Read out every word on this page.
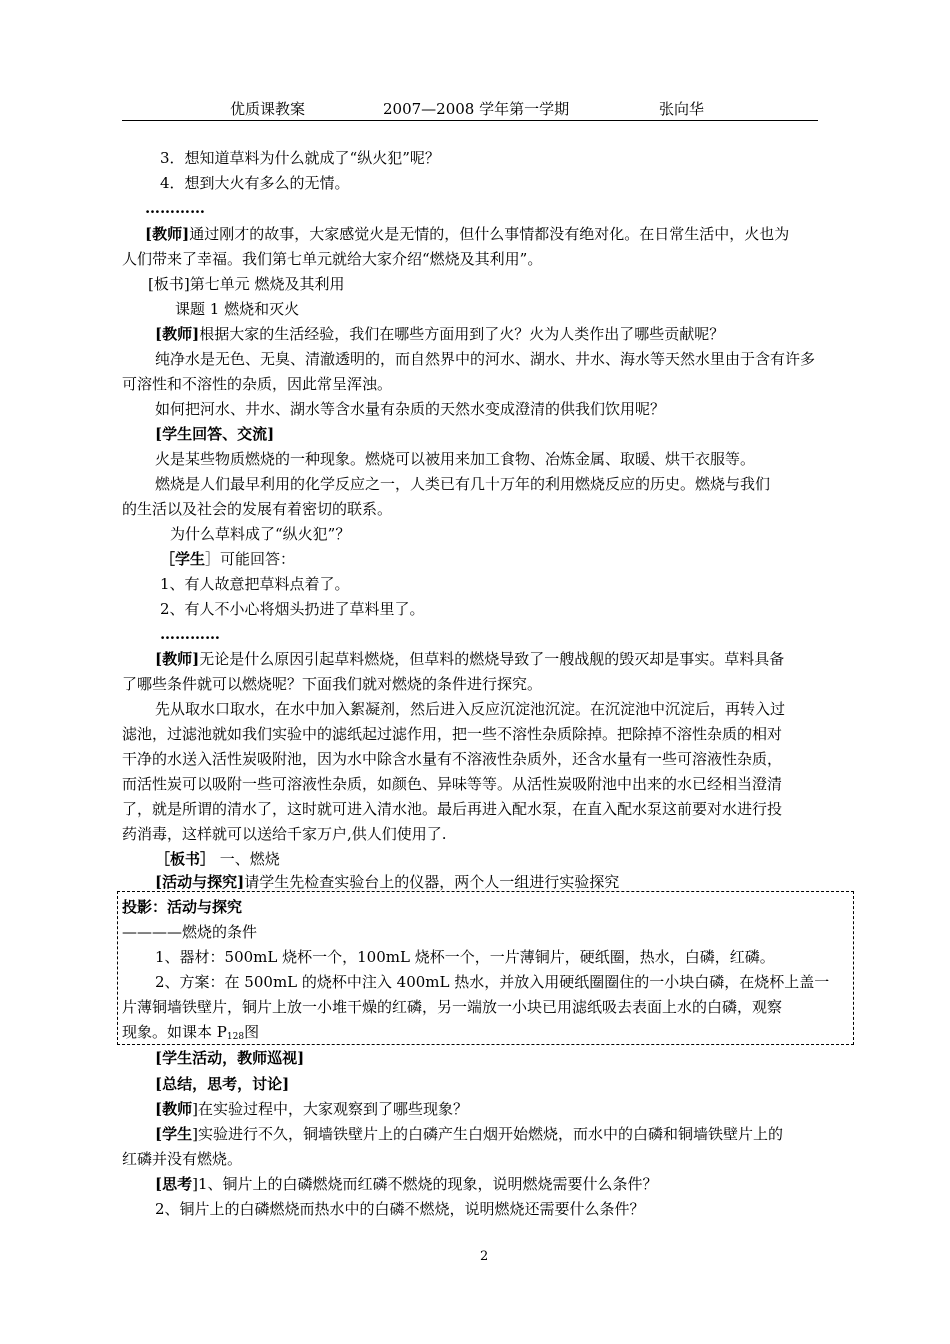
优质课教案	2007—2008 学年第一学期	张向华
3．想知道草料为什么就成了“纵火犯”呢？
4．想到大火有多么的无情。
…………
[教师]通过刚才的故事，大家感觉火是无情的，但什么事情都没有绝对化。在日常生活中，火也为
人们带来了幸福。我们第七单元就给大家介绍“燃烧及其利用”。
[板书]第七单元 燃烧及其利用
课题 1 燃烧和灭火
[教师]根据大家的生活经验，我们在哪些方面用到了火？火为人类作出了哪些贡献呢？
纯净水是无色、无臭、清澈透明的，而自然界中的河水、湖水、井水、海水等天然水里由于含有许多
可溶性和不溶性的杂质，因此常呈浑浊。
如何把河水、井水、湖水等含水量有杂质的天然水变成澄清的供我们饮用呢？
[学生回答、交流]
火是某些物质燃烧的一种现象。燃烧可以被用来加工食物、冶炼金属、取暖、烘干衣服等。
燃烧是人们最早利用的化学反应之一，人类已有几十万年的利用燃烧反应的历史。燃烧与我们
的生活以及社会的发展有着密切的联系。
为什么草料成了“纵火犯”？
［学生］可能回答：
1、有人故意把草料点着了。
2、有人不小心将烟头扔进了草料里了。
…………
[教师]无论是什么原因引起草料燃烧，但草料的燃烧导致了一艘战舰的毁灭却是事实。草料具备
了哪些条件就可以燃烧呢？下面我们就对燃烧的条件进行探究。
先从取水口取水，在水中加入絮凝剂，然后进入反应沉淀池沉淀。在沉淀池中沉淀后，再转入过
滤池，过滤池就如我们实验中的滤纸起过滤作用，把一些不溶性杂质除掉。把除掉不溶性杂质的相对
干净的水送入活性炭吸附池，因为水中除含水量有不溶液性杂质外，还含水量有一些可溶液性杂质，
而活性炭可以吸附一些可溶液性杂质，如颜色、异味等等。从活性炭吸附池中出来的水已经相当澄清
了，就是所谓的清水了，这时就可进入清水池。最后再进入配水泵，在直入配水泵这前要对水进行投
药消毒，这样就可以送给千家万户,供人们使用了.
［板书］ 一、燃烧
[活动与探究]请学生先检查实验台上的仪器，两个人一组进行实验探究
投影：活动与探究
————燃烧的条件
1、器材：500mL 烧杯一个，100mL 烧杯一个，一片薄铜片，硬纸圈，热水，白磷，红磷。
2、方案：在 500mL 的烧杯中注入 400mL 热水，并放入用硬纸圈圈住的一小块白磷，在烧杯上盖一
片薄铜墙铁壁片，铜片上放一小堆干燥的红磷，另一端放一小块已用滤纸吸去表面上水的白磷，观察
现象。如课本 $P_{128}$图
[学生活动，教师巡视]
[总结，思考，讨论]
[教师]在实验过程中，大家观察到了哪些现象？
[学生]实验进行不久，铜墙铁壁片上的白磷产生白烟开始燃烧，而水中的白磷和铜墙铁壁片上的
红磷并没有燃烧。
[思考]1、铜片上的白磷燃烧而红磷不燃烧的现象，说明燃烧需要什么条件？
2、铜片上的白磷燃烧而热水中的白磷不燃烧，说明燃烧还需要什么条件？
2
